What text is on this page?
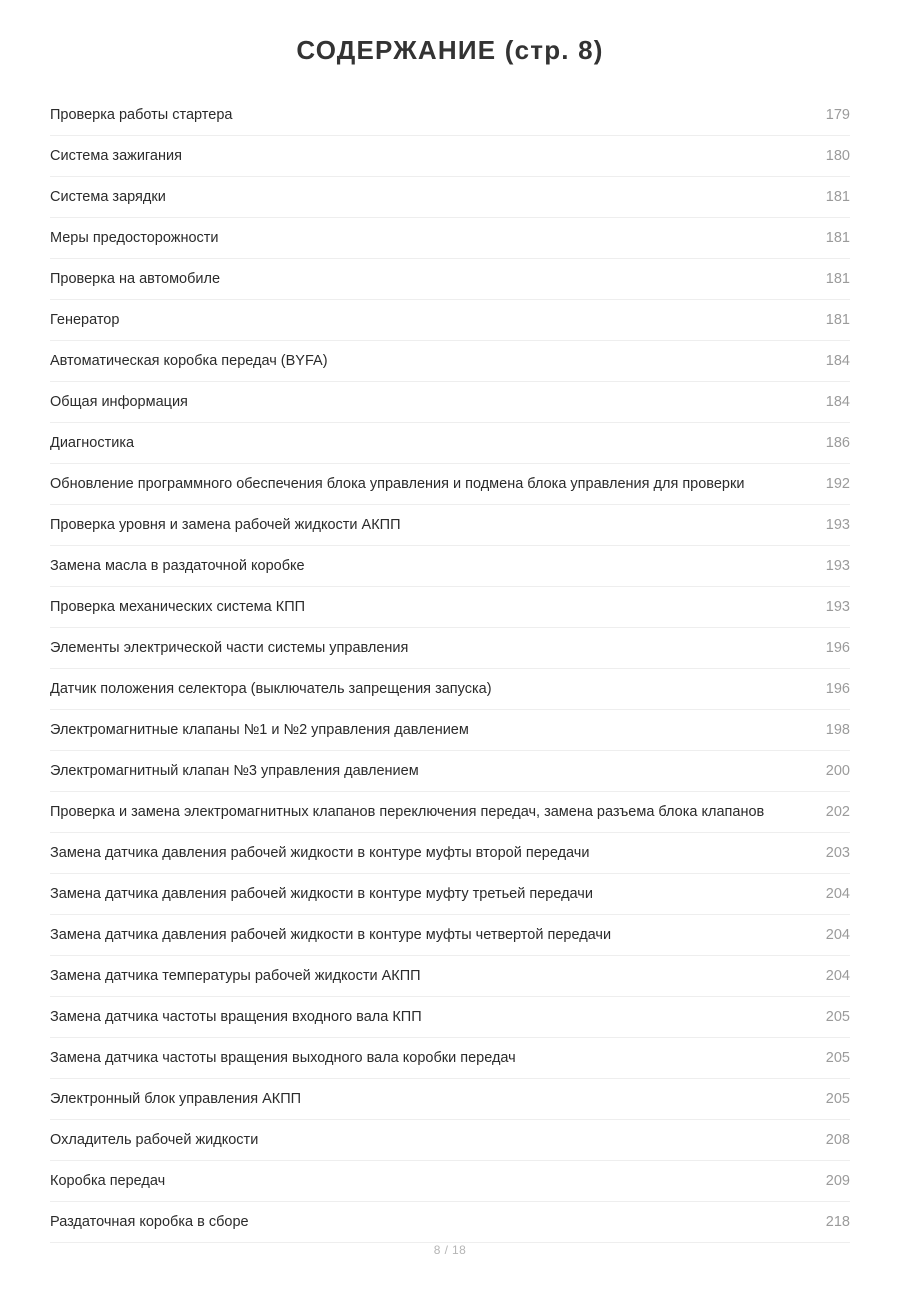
СОДЕРЖАНИЕ (стр. 8)
Проверка работы стартера	179
Система зажигания	180
Система зарядки	181
Меры предосторожности	181
Проверка на автомобиле	181
Генератор	181
Автоматическая коробка передач (BYFA)	184
Общая информация	184
Диагностика	186
Обновление программного обеспечения блока управления и подмена блока управления для проверки	192
Проверка уровня и замена рабочей жидкости АКПП	193
Замена масла в раздаточной коробке	193
Проверка механических система КПП	193
Элементы электрической части системы управления	196
Датчик положения селектора (выключатель запрещения запуска)	196
Электромагнитные клапаны №1 и №2 управления давлением	198
Электромагнитный клапан №3 управления давлением	200
Проверка и замена электромагнитных клапанов переключения передач, замена разъема блока клапанов	202
Замена датчика давления рабочей жидкости в контуре муфты второй передачи	203
Замена датчика давления рабочей жидкости в контуре муфту третьей передачи	204
Замена датчика давления рабочей жидкости в контуре муфты четвертой передачи	204
Замена датчика температуры рабочей жидкости АКПП	204
Замена датчика частоты вращения входного вала КПП	205
Замена датчика частоты вращения выходного вала коробки передач	205
Электронный блок управления АКПП	205
Охладитель рабочей жидкости	208
Коробка передач	209
Раздаточная коробка в сборе	218
8 / 18
